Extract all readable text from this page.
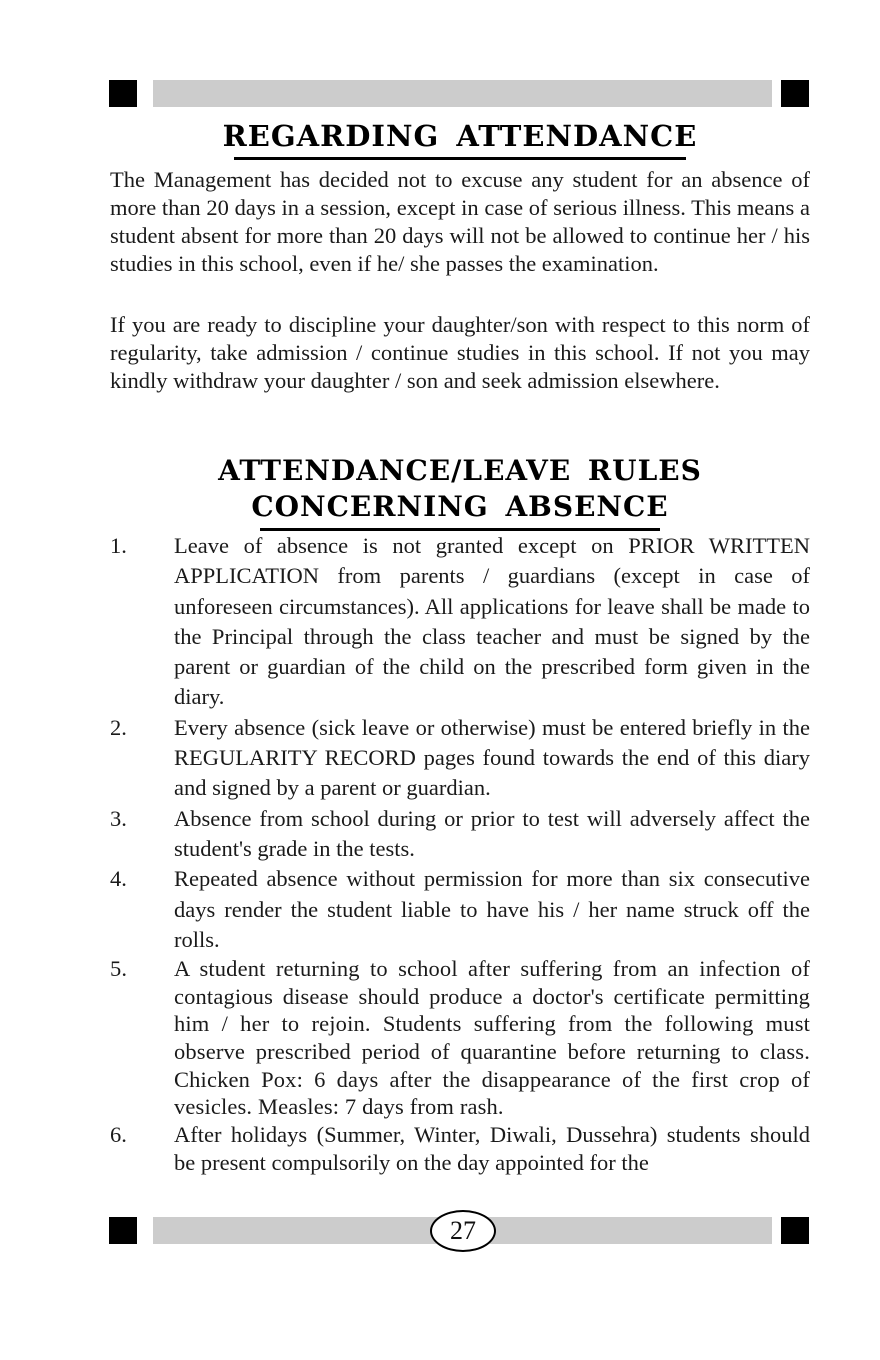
REGARDING ATTENDANCE

The Management has decided not to excuse any student for an absence of more than 20 days in a session, except in case of serious illness. This means a student absent for more than 20 days will not be allowed to continue her / his studies in this school, even if he/ she passes the examination.

If you are ready to discipline your daughter/son with respect to this norm of regularity, take admission / continue studies in this school. If not you may kindly withdraw your daughter / son and seek admission elsewhere.

ATTENDANCE/LEAVE RULES
CONCERNING ABSENCE
1. Leave of absence is not granted except on PRIOR WRITTEN APPLICATION from parents / guardians (except in case of unforeseen circumstances). All applications for leave shall be made to the Principal through the class teacher and must be signed by the parent or guardian of the child on the prescribed form given in the diary.
2. Every absence (sick leave or otherwise) must be entered briefly in the REGULARITY RECORD pages found towards the end of this diary and signed by a parent or guardian.
3. Absence from school during or prior to test will adversely affect the student's grade in the tests.
4. Repeated absence without permission for more than six consecutive days render the student liable to have his / her name struck off the rolls.
5. A student returning to school after suffering from an infection of contagious disease should produce a doctor's certificate permitting him / her to rejoin. Students suffering from the following must observe prescribed period of quarantine before returning to class. Chicken Pox: 6 days after the disappearance of the first crop of vesicles. Measles: 7 days from rash.
6. After holidays (Summer, Winter, Diwali, Dussehra) students should be present compulsorily on the day appointed for the
27
